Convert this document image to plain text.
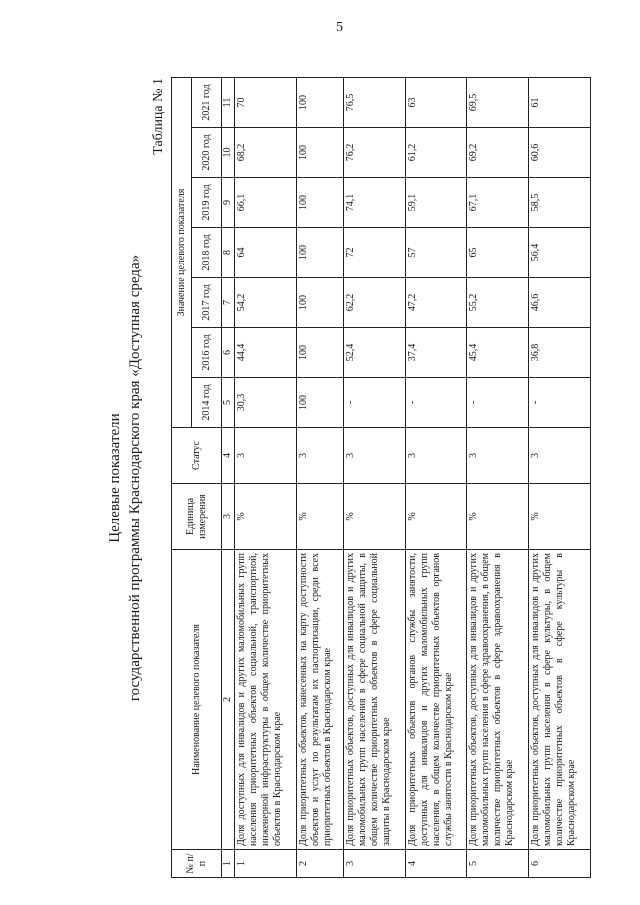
5
Целевые показатели государственной программы Краснодарского края «Доступная среда»
Таблица № 1
№ п/п	Наименование целевого показателя	Единица измерения	Статус	Значение целевого показателя						
				2014 год	2016 год	2017 год	2018 год	2019 год	2020 год	2021 год
1	2	3	4	5	6	7	8	9	10	11
1	Доля доступных для инвалидов и других маломобильных групп населения приоритетных объектов социальной, транспортной, инженерной инфраструктуры в общем количестве приоритетных объектов в Краснодарском крае	%	3	30,3	44,4	54,2	64	66,1	68,2	70
2	Доля приоритетных объектов, нанесенных на карту доступности объектов и услуг по результатам их паспортизации, среди всех приоритетных объектов в Краснодарском крае	%	3	100	100	100	100	100	100	100
3	Доля приоритетных объектов, доступных для инвалидов и других маломобильных групп населения в сфере социальной защиты, в общем количестве приоритетных объектов в сфере социальной защиты в Краснодарском крае	%	3	-	52,4	62,2	72	74,1	76,2	76,5
4	Доля приоритетных объектов органов службы занятости, доступных для инвалидов и других маломобильных групп населения, в общем количестве приоритетных объектов органов службы занятости в Краснодарском крае	%	3	-	37,4	47,2	57	59,1	61,2	63
5	Доля приоритетных объектов, доступных для инвалидов и других маломобильных групп населения в сфере здравоохранения, в общем количестве приоритетных объектов в сфере здравоохранения в Краснодарском крае	%	3	-	45,4	55,2	65	67,1	69,2	69,5
6	Доля приоритетных объектов, доступных для инвалидов и других маломобильных групп населения в сфере культуры, в общем количестве приоритетных объектов в сфере культуры в Краснодарском крае	%	3	-	36,8	46,6	56,4	58,5	60,6	61
